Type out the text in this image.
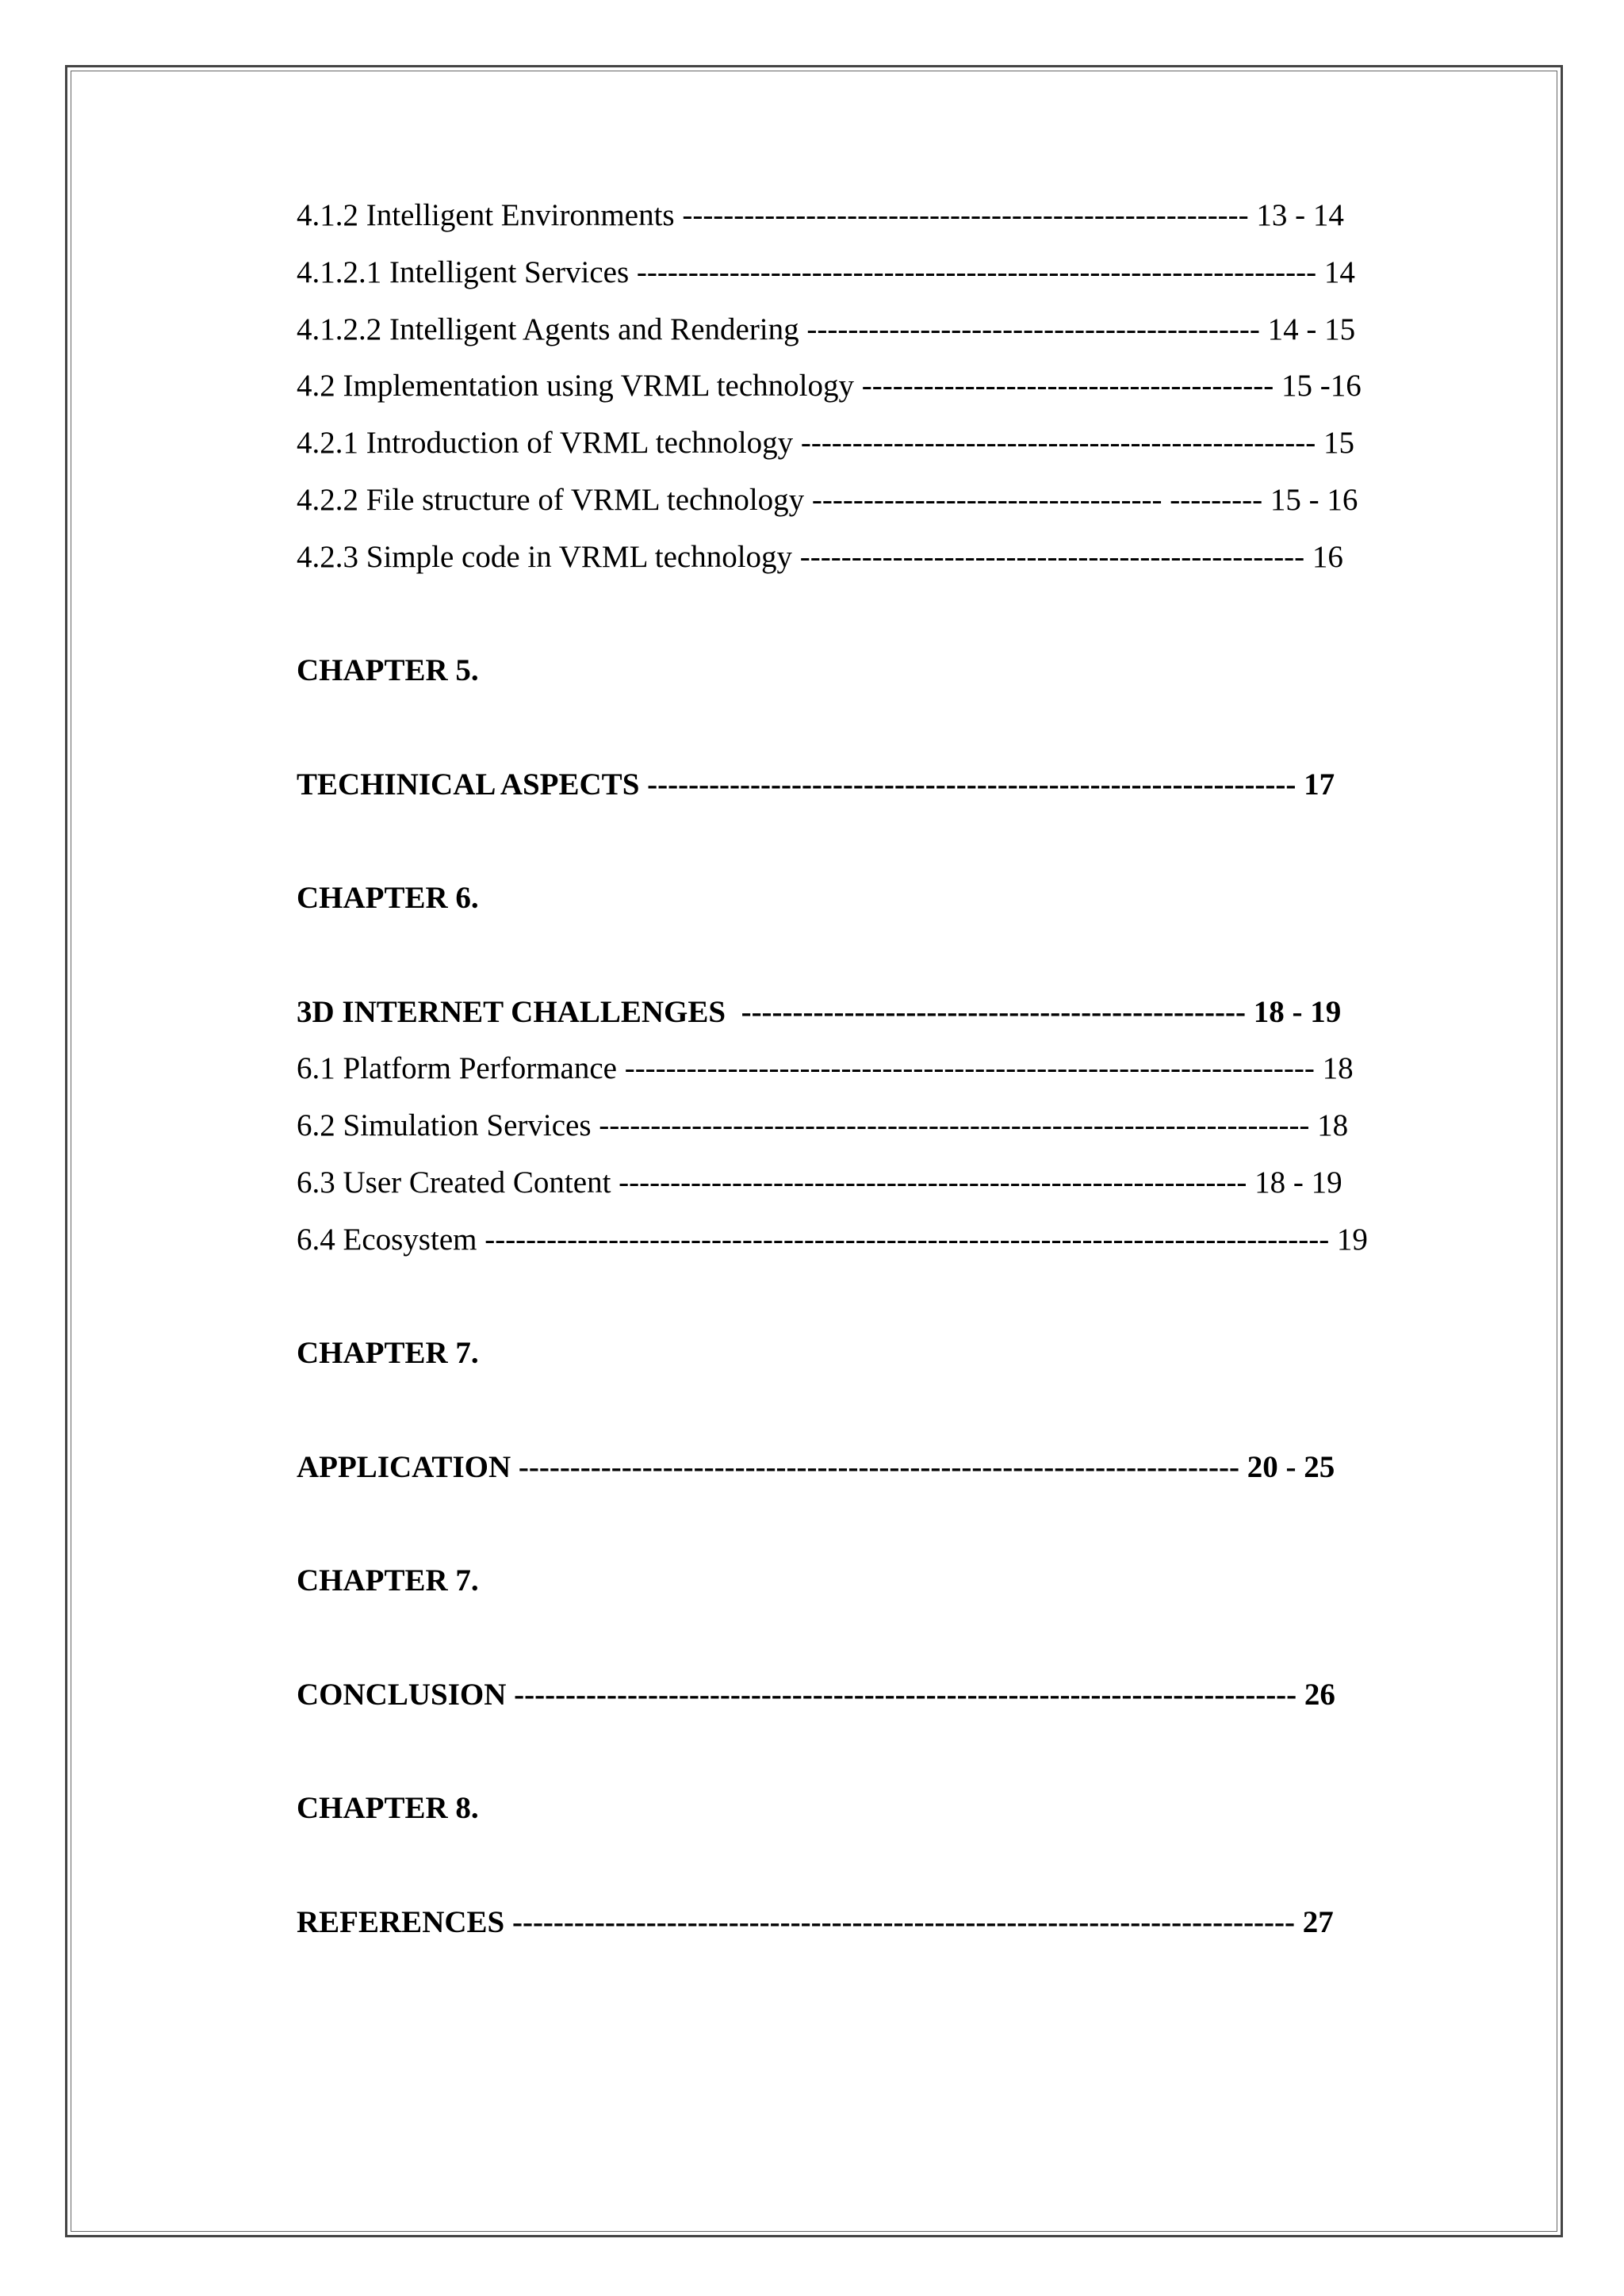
4.1.2 Intelligent Environments ------------------------------------------------------- 13 - 14
4.1.2.1 Intelligent Services ------------------------------------------------------------------ 14
4.1.2.2 Intelligent Agents and Rendering -------------------------------------------- 14 - 15
4.2 Implementation using VRML technology ---------------------------------------- 15 -16
4.2.1 Introduction of VRML technology -------------------------------------------------- 15
4.2.2 File structure of VRML technology ---------------------------------- --------- 15 - 16
4.2.3 Simple code in VRML technology ------------------------------------------------- 16
CHAPTER 5.
TECHINICAL ASPECTS --------------------------------------------------------------- 17
CHAPTER 6.
3D INTERNET CHALLENGES  ------------------------------------------------- 18 - 19
6.1 Platform Performance ------------------------------------------------------------------- 18
6.2 Simulation Services --------------------------------------------------------------------- 18
6.3 User Created Content ------------------------------------------------------------- 18 - 19
6.4 Ecosystem ---------------------------------------------------------------------------------- 19
CHAPTER 7.
APPLICATION ---------------------------------------------------------------------- 20 - 25
CHAPTER 7.
CONCLUSION ---------------------------------------------------------------------------- 26
CHAPTER 8.
REFERENCES ---------------------------------------------------------------------------- 27
